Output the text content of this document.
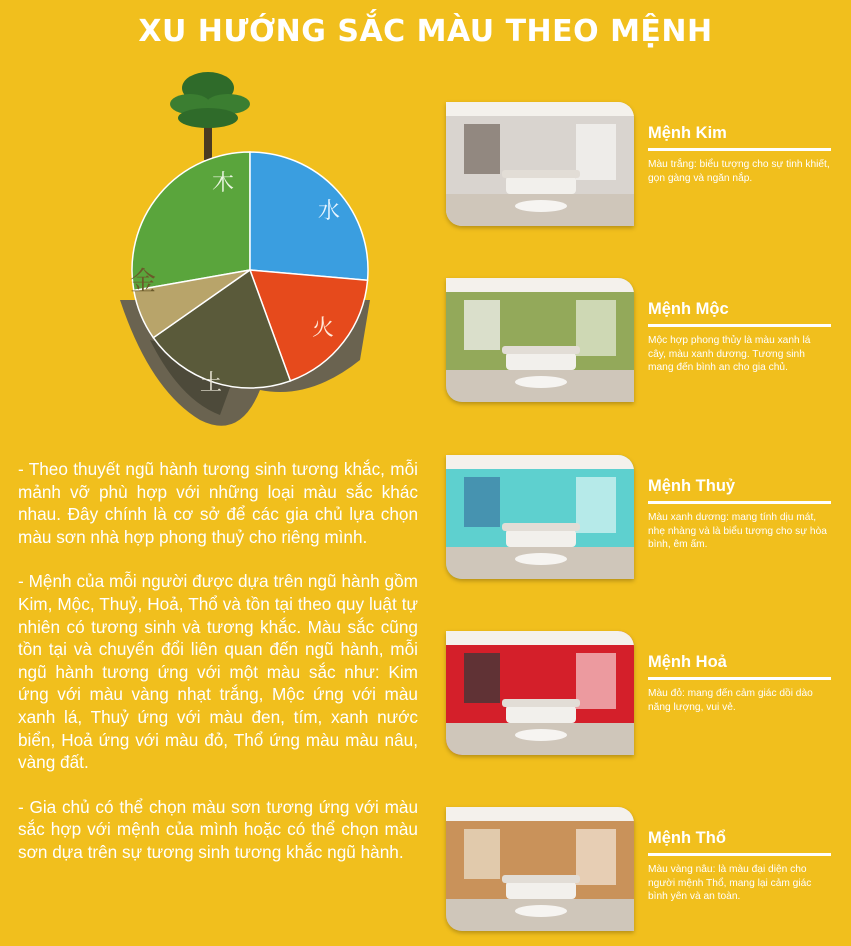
XU HƯỚNG SẮC MÀU THEO MỆNH
木
水
火
土
金

- Theo thuyết ngũ hành tương sinh tương khắc, mỗi mảnh vỡ phù hợp với những loại màu sắc khác nhau. Đây chính là cơ sở để các gia chủ lựa chọn màu sơn nhà hợp phong thuỷ cho riêng mình.

- Mệnh của mỗi người được dựa trên ngũ hành gồm Kim, Mộc, Thuỷ, Hoả, Thổ và tồn tại theo quy luật tự nhiên có tương sinh và tương khắc. Màu sắc cũng tồn tại và chuyển đổi liên quan đến ngũ hành, mỗi ngũ hành tương ứng với một màu sắc như: Kim ứng với màu vàng nhạt trắng, Mộc ứng với màu xanh lá, Thuỷ ứng với màu đen, tím, xanh nước biển, Hoả ứng với màu đỏ, Thổ ứng màu màu nâu, vàng đất.

- Gia chủ có thể chọn màu sơn tương ứng với màu sắc hợp với mệnh của mình hoặc có thể chọn màu sơn dựa trên sự tương sinh tương khắc ngũ hành.

Mệnh Kim
Màu trắng: biểu tượng cho sự tinh khiết, gọn gàng và ngăn nắp.
Mệnh Mộc
Mộc hợp phong thủy là màu xanh lá cây, màu xanh dương. Tương sinh mang đến bình an cho gia chủ.
Mệnh Thuỷ
Màu xanh dương: mang tính dịu mát, nhẹ nhàng và là biểu tượng cho sự hòa bình, êm ấm.
Mệnh Hoả
Màu đỏ: mang đến cảm giác dồi dào năng lượng, vui vẻ.
Mệnh Thổ
Màu vàng nâu: là màu đại diện cho người mệnh Thổ, mang lại cảm giác bình yên và an toàn.
